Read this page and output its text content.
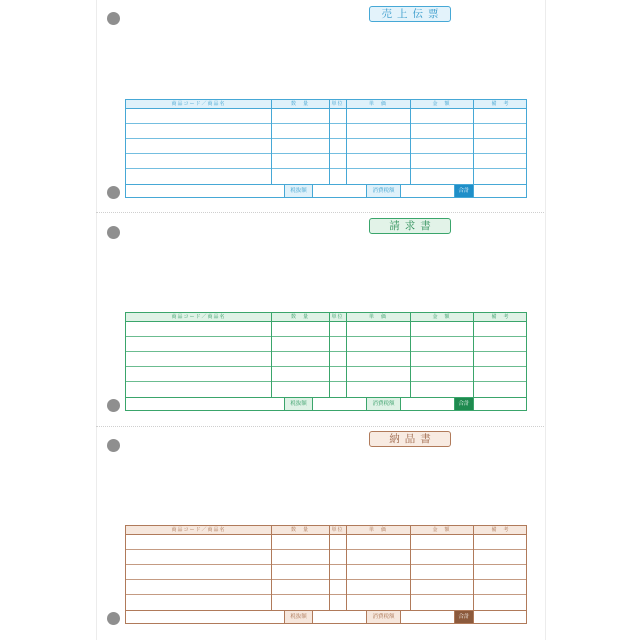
売上伝票
商品コード／商品名	数　量	単位	単　価	金　額	備　考
税抜額	消費税額	合計
請求書
商品コード／商品名	数　量	単位	単　価	金　額	備　考
税抜額	消費税額	合計
納品書
商品コード／商品名	数　量	単位	単　価	金　額	備　考
税抜額	消費税額	合計
